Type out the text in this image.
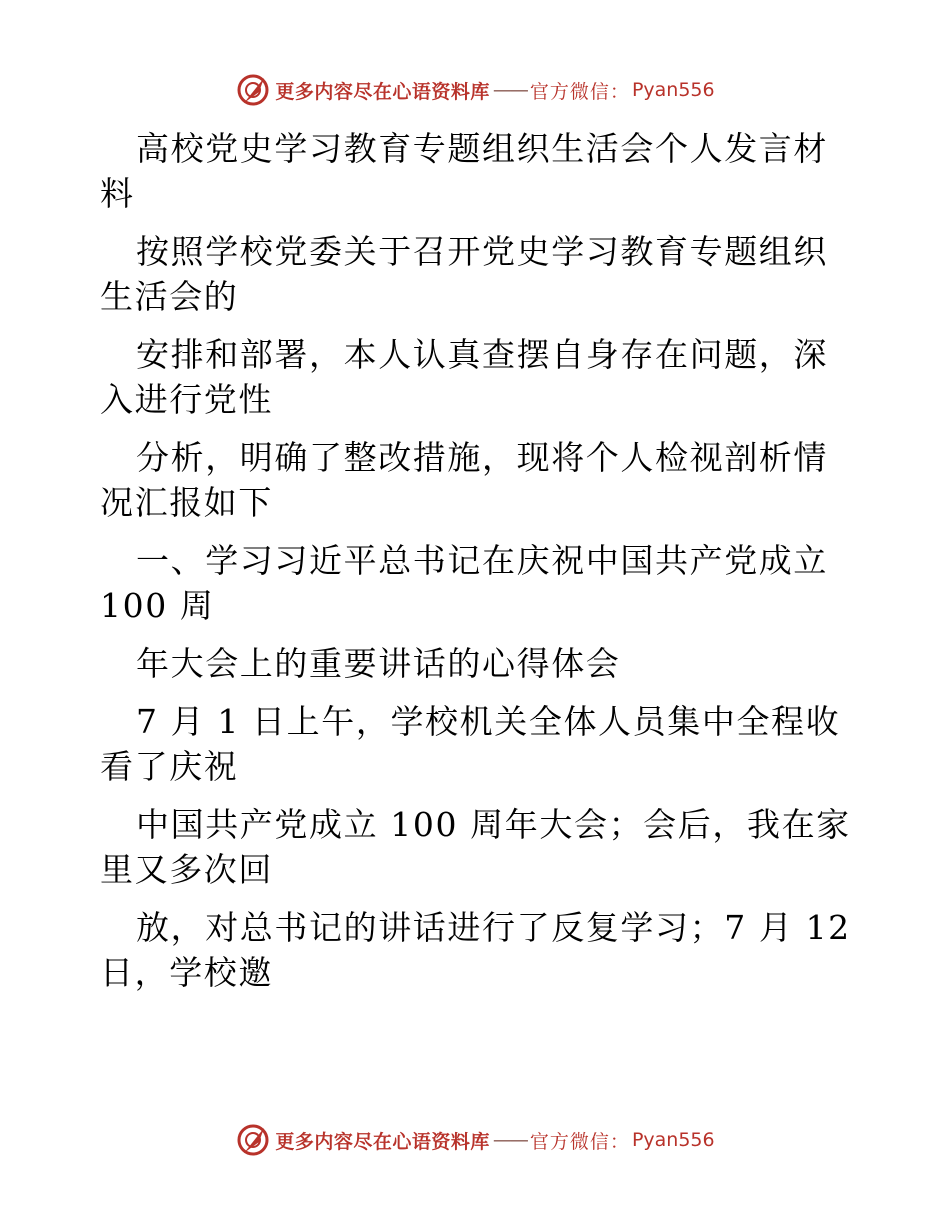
更多内容尽在心语资料库 —— 官方微信： Pyan556
高校党史学习教育专题组织生活会个人发言材料
按照学校党委关于召开党史学习教育专题组织生活会的
安排和部署，本人认真查摆自身存在问题，深入进行党性
分析，明确了整改措施，现将个人检视剖析情况汇报如下
一、学习习近平总书记在庆祝中国共产党成立 100 周
年大会上的重要讲话的心得体会
7 月 1 日上午，学校机关全体人员集中全程收看了庆祝
中国共产党成立 100 周年大会；会后，我在家里又多次回
放，对总书记的讲话进行了反复学习；7 月 12 日，学校邀
更多内容尽在心语资料库 —— 官方微信： Pyan556
